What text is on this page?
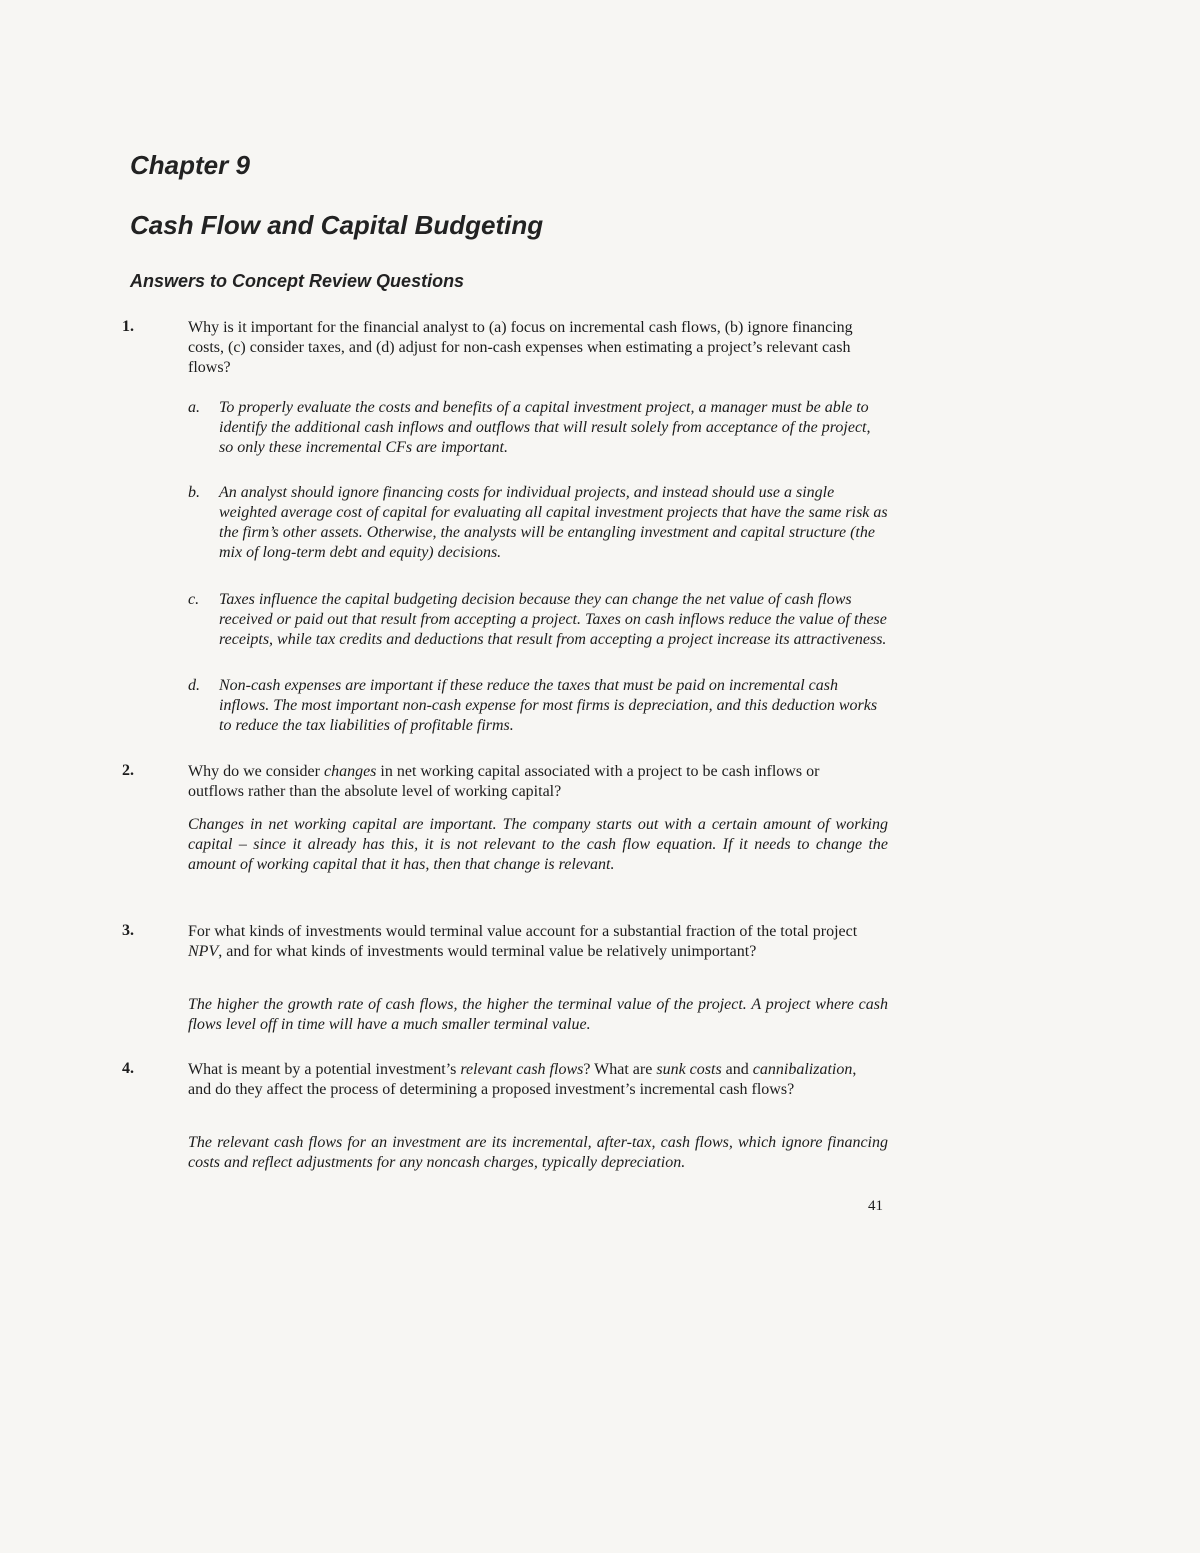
Chapter 9
Cash Flow and Capital Budgeting
Answers to Concept Review Questions
1.	Why is it important for the financial analyst to (a) focus on incremental cash flows, (b) ignore financing costs, (c) consider taxes, and (d) adjust for non-cash expenses when estimating a project’s relevant cash flows?

a.	To properly evaluate the costs and benefits of a capital investment project, a manager must be able to identify the additional cash inflows and outflows that will result solely from acceptance of the project, so only these incremental CFs are important.
b.	An analyst should ignore financing costs for individual projects, and instead should use a single weighted average cost of capital for evaluating all capital investment projects that have the same risk as the firm’s other assets. Otherwise, the analysts will be entangling investment and capital structure (the mix of long-term debt and equity) decisions.
c.	Taxes influence the capital budgeting decision because they can change the net value of cash flows received or paid out that result from accepting a project. Taxes on cash inflows reduce the value of these receipts, while tax credits and deductions that result from accepting a project increase its attractiveness.
d.	Non-cash expenses are important if these reduce the taxes that must be paid on incremental cash inflows. The most important non-cash expense for most firms is depreciation, and this deduction works to reduce the tax liabilities of profitable firms.
2.	Why do we consider changes in net working capital associated with a project to be cash inflows or outflows rather than the absolute level of working capital?

Changes in net working capital are important. The company starts out with a certain amount of working capital – since it already has this, it is not relevant to the cash flow equation. If it needs to change the amount of working capital that it has, then that change is relevant.

3.	For what kinds of investments would terminal value account for a substantial fraction of the total project NPV, and for what kinds of investments would terminal value be relatively unimportant?

The higher the growth rate of cash flows, the higher the terminal value of the project. A project where cash flows level off in time will have a much smaller terminal value.

4.	What is meant by a potential investment’s relevant cash flows? What are sunk costs and cannibalization, and do they affect the process of determining a proposed investment’s incremental cash flows?

The relevant cash flows for an investment are its incremental, after-tax, cash flows, which ignore financing costs and reflect adjustments for any noncash charges, typically depreciation.

41
